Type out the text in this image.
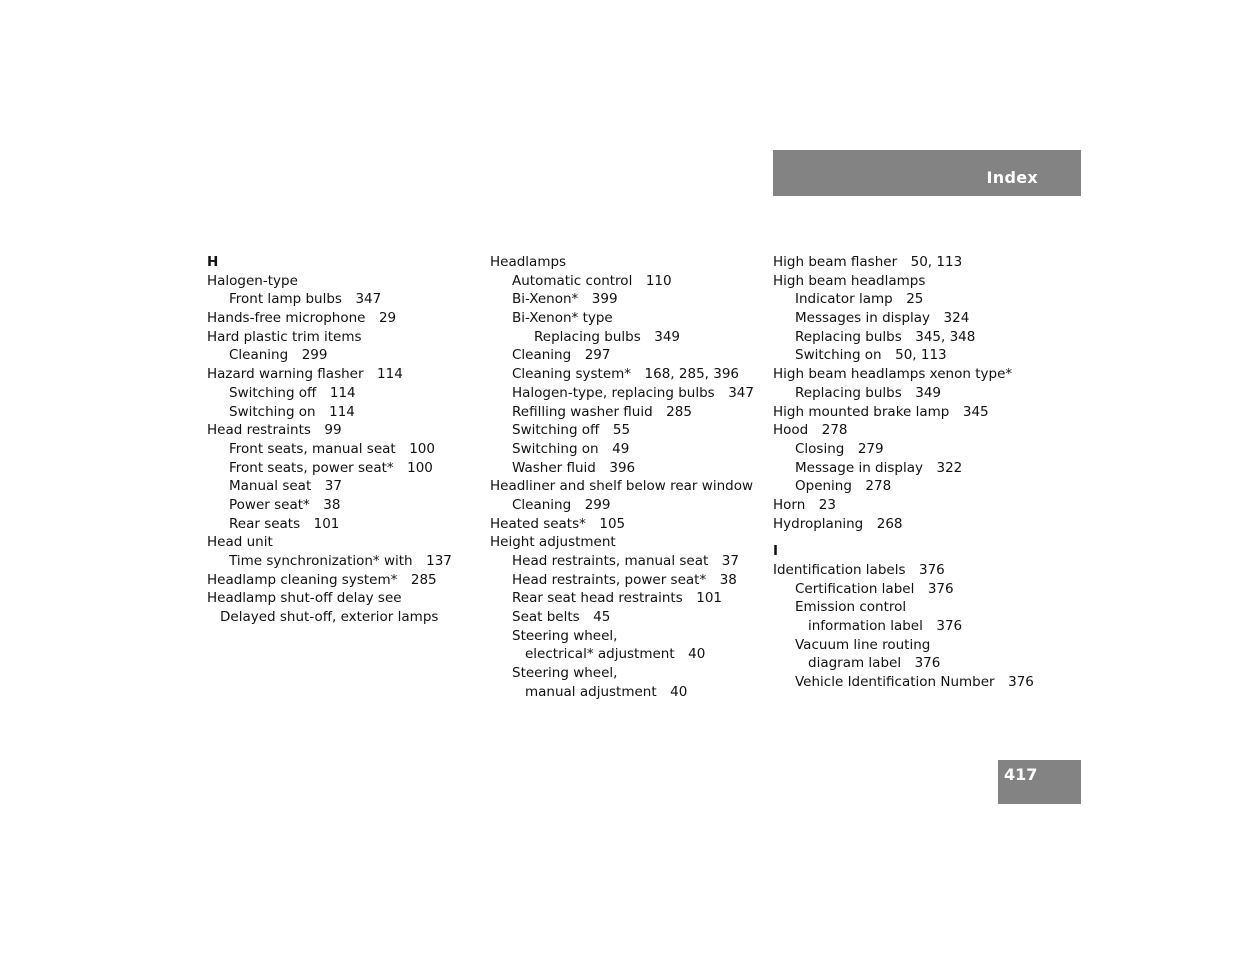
Index
H
Halogen-type
Front lamp bulbs 347
Hands-free microphone 29
Hard plastic trim items
Cleaning 299
Hazard warning flasher 114
Switching off 114
Switching on 114
Head restraints 99
Front seats, manual seat 100
Front seats, power seat* 100
Manual seat 37
Power seat* 38
Rear seats 101
Head unit
Time synchronization* with 137
Headlamp cleaning system* 285
Headlamp shut-off delay see
Delayed shut-off, exterior lamps
Headlamps
Automatic control 110
Bi-Xenon* 399
Bi-Xenon* type
Replacing bulbs 349
Cleaning 297
Cleaning system* 168, 285, 396
Halogen-type, replacing bulbs 347
Refilling washer fluid 285
Switching off 55
Switching on 49
Washer fluid 396
Headliner and shelf below rear window
Cleaning 299
Heated seats* 105
Height adjustment
Head restraints, manual seat 37
Head restraints, power seat* 38
Rear seat head restraints 101
Seat belts 45
Steering wheel,
electrical* adjustment 40
Steering wheel,
manual adjustment 40
High beam flasher 50, 113
High beam headlamps
Indicator lamp 25
Messages in display 324
Replacing bulbs 345, 348
Switching on 50, 113
High beam headlamps xenon type*
Replacing bulbs 349
High mounted brake lamp 345
Hood 278
Closing 279
Message in display 322
Opening 278
Horn 23
Hydroplaning 268
I
Identification labels 376
Certification label 376
Emission control
information label 376
Vacuum line routing
diagram label 376
Vehicle Identification Number 376
417
